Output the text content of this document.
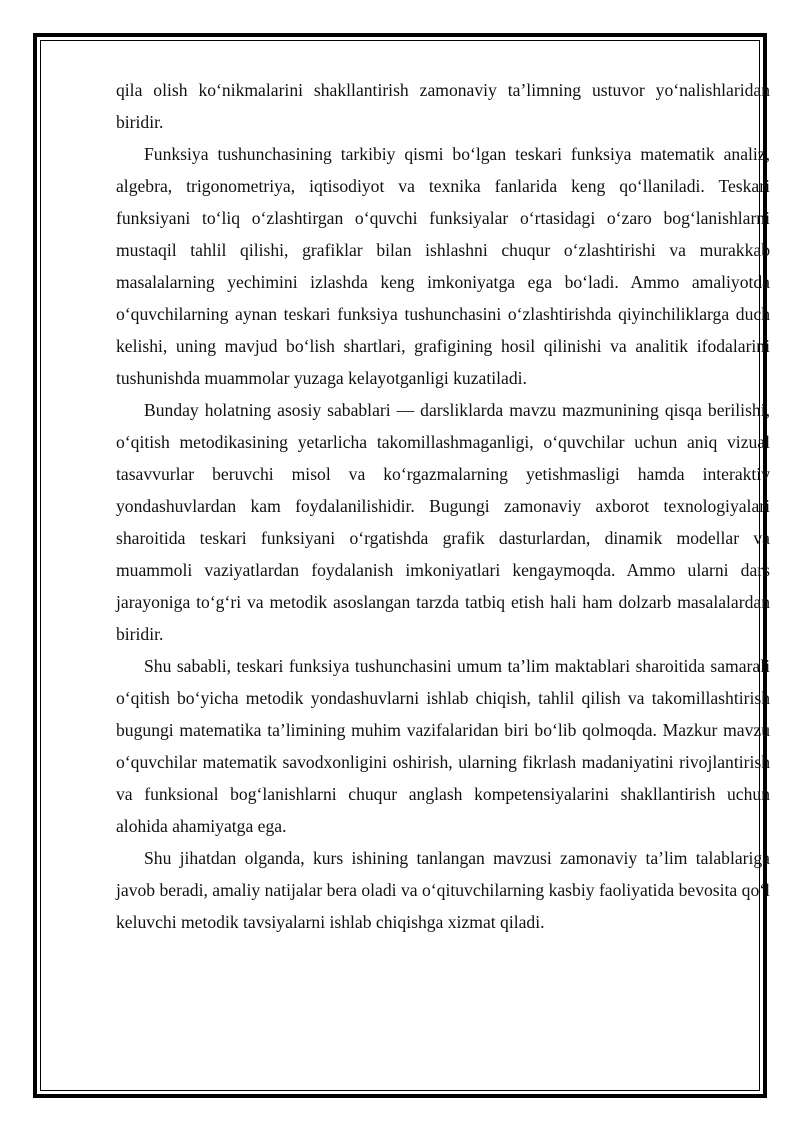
qila olish ko‘nikmalarini shakllantirish zamonaviy ta’limning ustuvor yo‘nalishlaridan biridir.

Funksiya tushunchasining tarkibiy qismi bo‘lgan teskari funksiya matematik analiz, algebra, trigonometriya, iqtisodiyot va texnika fanlarida keng qo‘llaniladi. Teskari funksiyani to‘liq o‘zlashtirgan o‘quvchi funksiyalar o‘rtasidagi o‘zaro bog‘lanishlarni mustaqil tahlil qilishi, grafiklar bilan ishlashni chuqur o‘zlashtirishi va murakkab masalalarning yechimini izlashda keng imkoniyatga ega bo‘ladi. Ammo amaliyotda o‘quvchilarning aynan teskari funksiya tushunchasini o‘zlashtirishda qiyinchiliklarga duch kelishi, uning mavjud bo‘lish shartlari, grafigining hosil qilinishi va analitik ifodalarini tushunishda muammolar yuzaga kelayotganligi kuzatiladi.

Bunday holatning asosiy sabablari — darsliklarda mavzu mazmunining qisqa berilishi, o‘qitish metodikasining yetarlicha takomillashmaganligi, o‘quvchilar uchun aniq vizual tasavvurlar beruvchi misol va ko‘rgazmalarning yetishmasligi hamda interaktiv yondashuvlardan kam foydalanilishidir. Bugungi zamonaviy axborot texnologiyalari sharoitida teskari funksiyani o‘rgatishda grafik dasturlardan, dinamik modellar va muammoli vaziyatlardan foydalanish imkoniyatlari kengaymoqda. Ammo ularni dars jarayoniga to‘g‘ri va metodik asoslangan tarzda tatbiq etish hali ham dolzarb masalalardan biridir.

Shu sababli, teskari funksiya tushunchasini umum ta’lim maktablari sharoitida samarali o‘qitish bo‘yicha metodik yondashuvlarni ishlab chiqish, tahlil qilish va takomillashtirish bugungi matematika ta’limining muhim vazifalaridan biri bo‘lib qolmoqda. Mazkur mavzu o‘quvchilar matematik savodxonligini oshirish, ularning fikrlash madaniyatini rivojlantirish va funksional bog‘lanishlarni chuqur anglash kompetensiyalarini shakllantirish uchun alohida ahamiyatga ega.

Shu jihatdan olganda, kurs ishining tanlangan mavzusi zamonaviy ta’lim talablariga javob beradi, amaliy natijalar bera oladi va o‘qituvchilarning kasbiy faoliyatida bevosita qo‘l keluvchi metodik tavsiyalarni ishlab chiqishga xizmat qiladi.
